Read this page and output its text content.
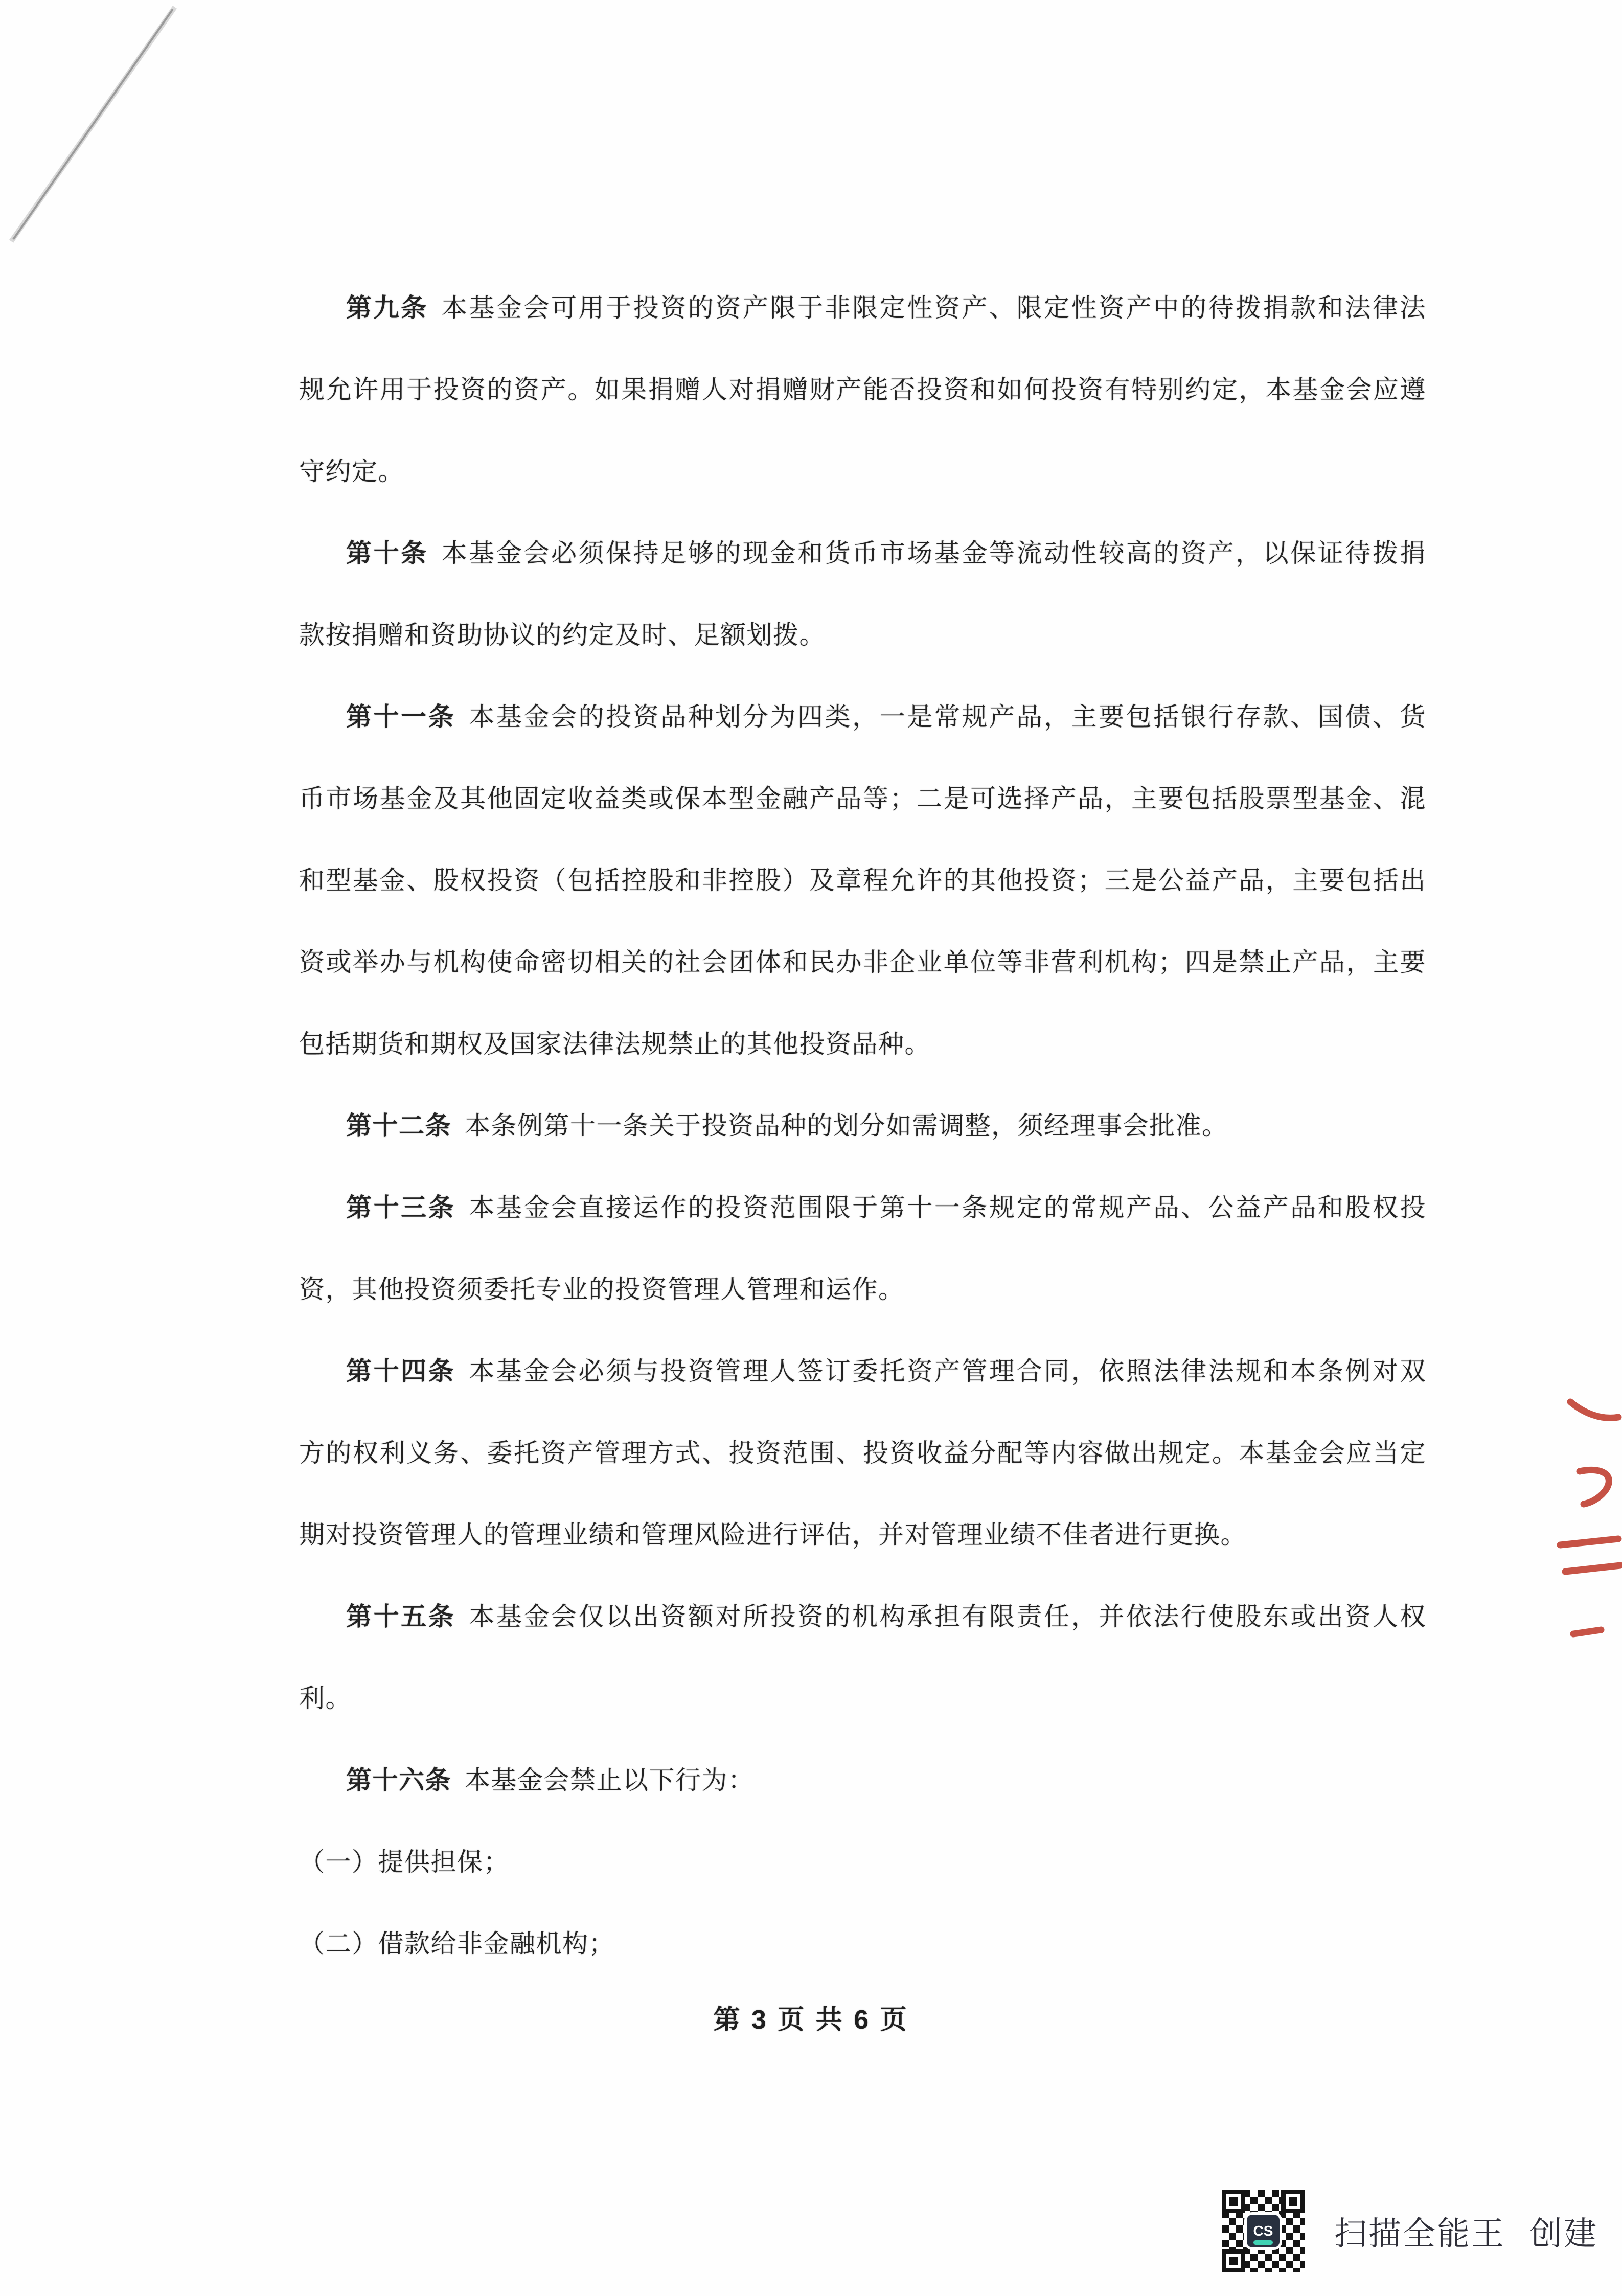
第九条 本基金会可用于投资的资产限于非限定性资产、限定性资产中的待拨捐款和法律法
规允许用于投资的资产。如果捐赠人对捐赠财产能否投资和如何投资有特别约定，本基金会应遵
守约定。
第十条 本基金会必须保持足够的现金和货币市场基金等流动性较高的资产，以保证待拨捐
款按捐赠和资助协议的约定及时、足额划拨。
第十一条 本基金会的投资品种划分为四类，一是常规产品，主要包括银行存款、国债、货
币市场基金及其他固定收益类或保本型金融产品等；二是可选择产品，主要包括股票型基金、混
和型基金、股权投资（包括控股和非控股）及章程允许的其他投资；三是公益产品，主要包括出
资或举办与机构使命密切相关的社会团体和民办非企业单位等非营利机构；四是禁止产品，主要
包括期货和期权及国家法律法规禁止的其他投资品种。
第十二条 本条例第十一条关于投资品种的划分如需调整，须经理事会批准。
第十三条 本基金会直接运作的投资范围限于第十一条规定的常规产品、公益产品和股权投
资，其他投资须委托专业的投资管理人管理和运作。
第十四条 本基金会必须与投资管理人签订委托资产管理合同，依照法律法规和本条例对双
方的权利义务、委托资产管理方式、投资范围、投资收益分配等内容做出规定。本基金会应当定
期对投资管理人的管理业绩和管理风险进行评估，并对管理业绩不佳者进行更换。
第十五条 本基金会仅以出资额对所投资的机构承担有限责任，并依法行使股东或出资人权
利。
第十六条 本基金会禁止以下行为：
（一）提供担保；
（二）借款给非金融机构；
第 3 页 共 6 页
CS 扫描全能王 创建
